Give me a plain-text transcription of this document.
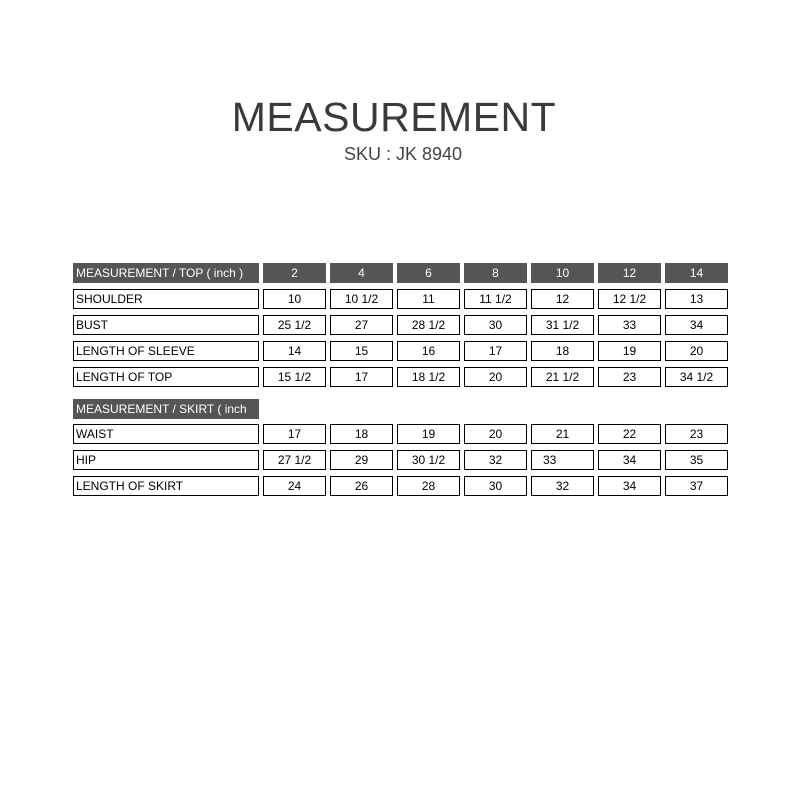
MEASUREMENT
SKU : JK 8940
MEASUREMENT / TOP ( inch )	2	4	6	8	10	12	14
SHOULDER	10	10 1/2	11	11 1/2	12	12 1/2	13
BUST	25 1/2	27	28 1/2	30	31 1/2	33	34
LENGTH OF SLEEVE	14	15	16	17	18	19	20
LENGTH OF TOP	15 1/2	17	18 1/2	20	21 1/2	23	34 1/2
MEASUREMENT / SKIRT ( inch
WAIST	17	18	19	20	21	22	23
HIP	27 1/2	29	30 1/2	32	33	34	35
LENGTH OF SKIRT	24	26	28	30	32	34	37
